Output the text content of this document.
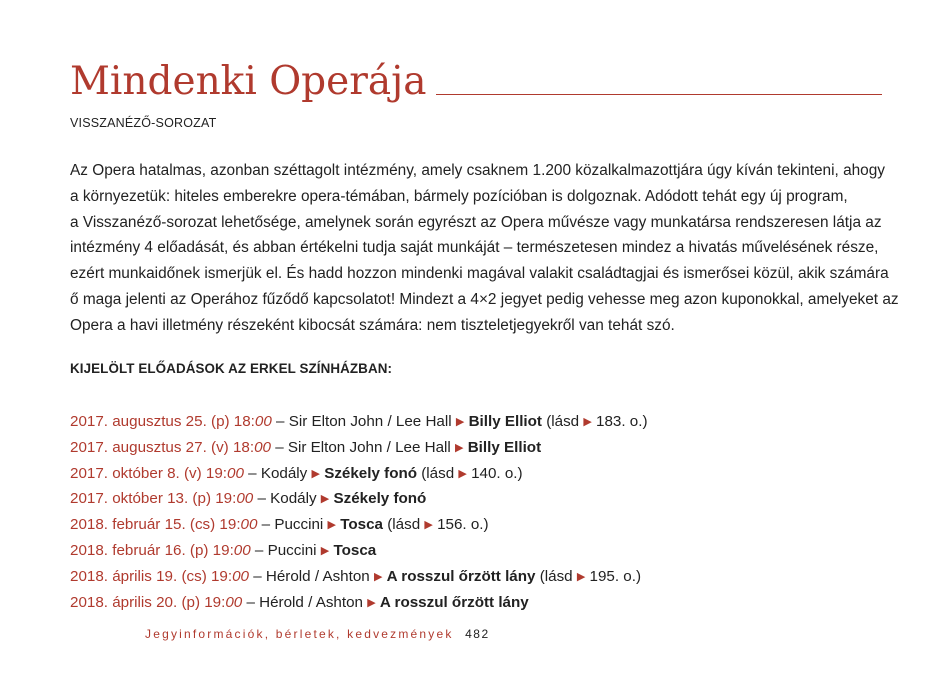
Mindenki Operája
VISSZANÉZŐ-SOROZAT
Az Opera hatalmas, azonban széttagolt intézmény, amely csaknem 1.200 közalkalmazottjára úgy kíván tekinteni, ahogy
a környezetük: hiteles emberekre opera-témában, bármely pozícióban is dolgoznak. Adódott tehát egy új program,
a Visszanéző-sorozat lehetősége, amelynek során egyrészt az Opera művésze vagy munkatársa rendszeresen látja az
intézmény 4 előadását, és abban értékelni tudja saját munkáját – természetesen mindez a hivatás művelésének része,
ezért munkaidőnek ismerjük el. És hadd hozzon mindenki magával valakit családtagjai és ismerősei közül, akik számára
ő maga jelenti az Operához fűződő kapcsolatot! Mindezt a 4×2 jegyet pedig vehesse meg azon kuponokkal, amelyeket az
Opera a havi illetmény részeként kibocsát számára: nem tiszteletjegyekről van tehát szó.
KIJELÖLT ELŐADÁSOK AZ ERKEL SZÍNHÁZBAN:
2017. augusztus 25. (p) 18:00 – Sir Elton John / Lee Hall ▶ Billy Elliot (lásd ▶ 183. o.)
2017. augusztus 27. (v) 18:00 – Sir Elton John / Lee Hall ▶ Billy Elliot
2017. október 8. (v) 19:00 – Kodály ▶ Székely fonó (lásd ▶ 140. o.)
2017. október 13. (p) 19:00 – Kodály ▶ Székely fonó
2018. február 15. (cs) 19:00 – Puccini ▶ Tosca (lásd ▶ 156. o.)
2018. február 16. (p) 19:00 – Puccini ▶ Tosca
2018. április 19. (cs) 19:00 – Hérold / Ashton ▶ A rosszul őrzött lány (lásd ▶ 195. o.)
2018. április 20. (p) 19:00 – Hérold / Ashton ▶ A rosszul őrzött lány
Jegyinformációk, bérletek, kedvezmények 482
